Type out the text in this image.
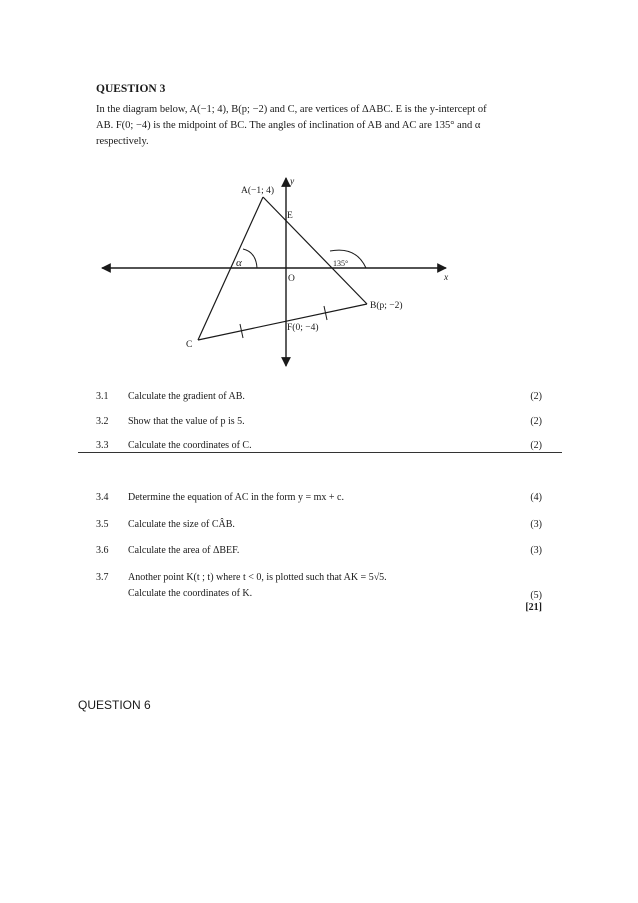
QUESTION 3
In the diagram below, A(−1; 4), B(p; −2) and C, are vertices of ΔABC. E is the y-intercept of
AB. F(0; −4) is the midpoint of BC. The angles of inclination of AB and AC are 135° and α
respectively.
A(−1; 4)
E
y
α	135°
O	x
B(p; −2)
F(0; −4)
C
3.1 Calculate the gradient of AB.	(2)
3.2 Show that the value of p is 5.	(2)
3.3 Calculate the coordinates of C.	(2)
3.4 Determine the equation of AC in the form y = mx + c.	(4)
3.5 Calculate the size of CÂB.	(3)
3.6 Calculate the area of ΔBEF.	(3)
3.7 Another point K(t ; t) where t < 0, is plotted such that AK = 5√5.
Calculate the coordinates of K.	(5)
[21]
QUESTION 6
